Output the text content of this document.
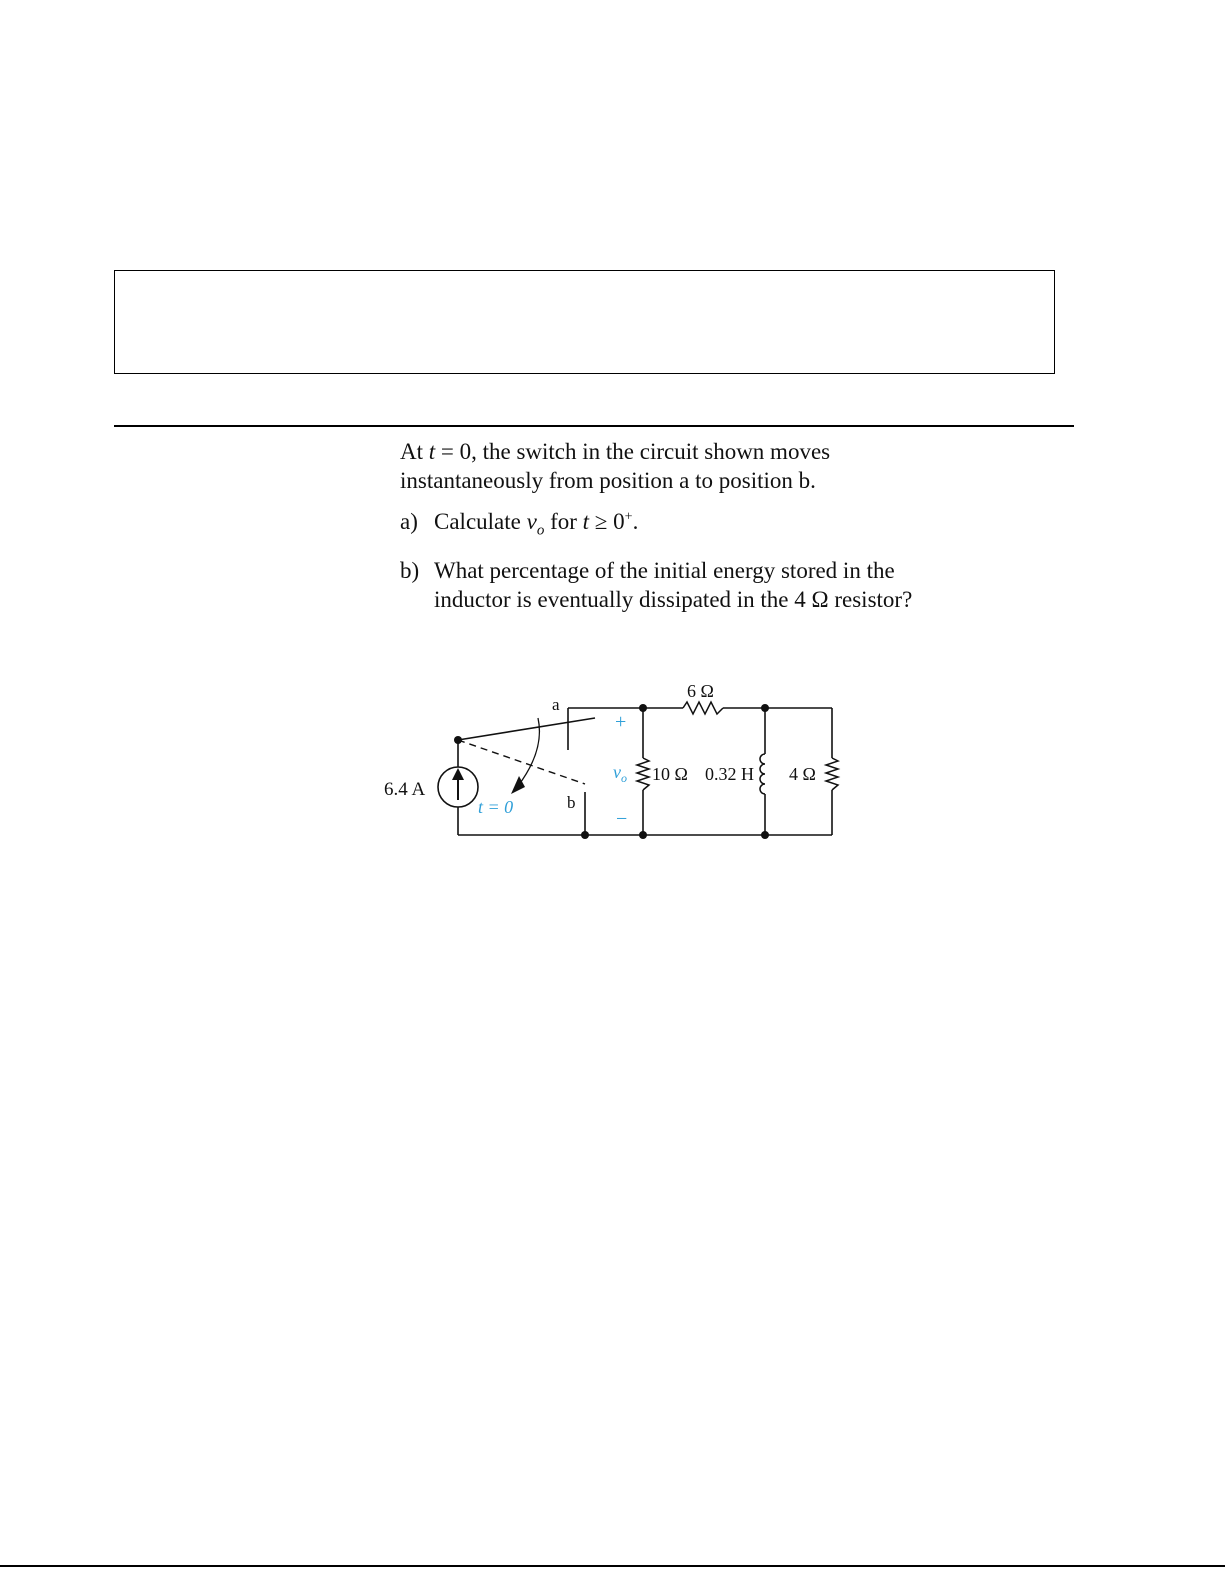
At t = 0, the switch in the circuit shown moves instantaneously from position a to position b.

a) Calculate $v_o$ for t ≥ 0+.

b) What percentage of the initial energy stored in the inductor is eventually dissipated in the 4 Ω resistor?

6.4 A
a
b
t = 0
+
−
$v_o$
6 Ω
10 Ω 0.32 H 4 Ω
